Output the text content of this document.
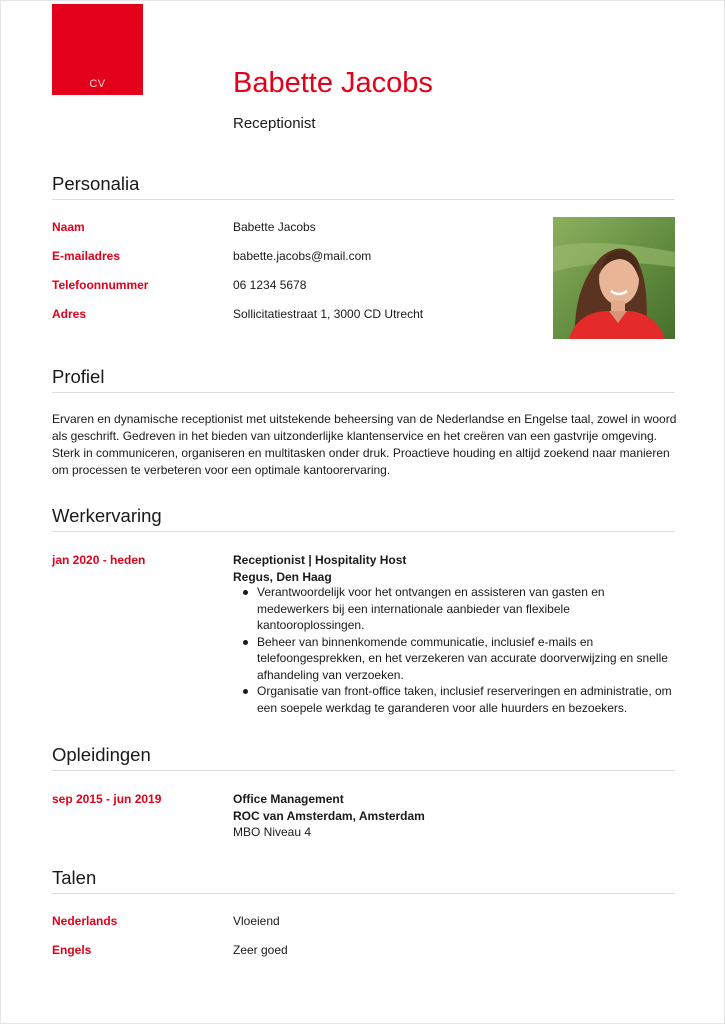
CV	Babette Jacobs
Receptionist
Personalia
Naam	Babette Jacobs
E-mailadres	babette.jacobs@mail.com
Telefoonnummer	06 1234 5678
Adres	Sollicitatiestraat 1, 3000 CD Utrecht
Profiel
Ervaren en dynamische receptionist met uitstekende beheersing van de Nederlandse en Engelse taal, zowel in woord als geschrift. Gedreven in het bieden van uitzonderlijke klantenservice en het creëren van een gastvrije omgeving. Sterk in communiceren, organiseren en multitasken onder druk. Proactieve houding en altijd zoekend naar manieren om processen te verbeteren voor een optimale kantoorervaring.
Werkervaring
jan 2020 - heden	Receptionist | Hospitality Host
Regus, Den Haag
Verantwoordelijk voor het ontvangen en assisteren van gasten en medewerkers bij een internationale aanbieder van flexibele kantooroplossingen.
Beheer van binnenkomende communicatie, inclusief e-mails en telefoongesprekken, en het verzekeren van accurate doorverwijzing en snelle afhandeling van verzoeken.
Organisatie van front-office taken, inclusief reserveringen en administratie, om een soepele werkdag te garanderen voor alle huurders en bezoekers.
Opleidingen
sep 2015 - jun 2019	Office Management
ROC van Amsterdam, Amsterdam
MBO Niveau 4
Talen
Nederlands	Vloeiend
Engels	Zeer goed
